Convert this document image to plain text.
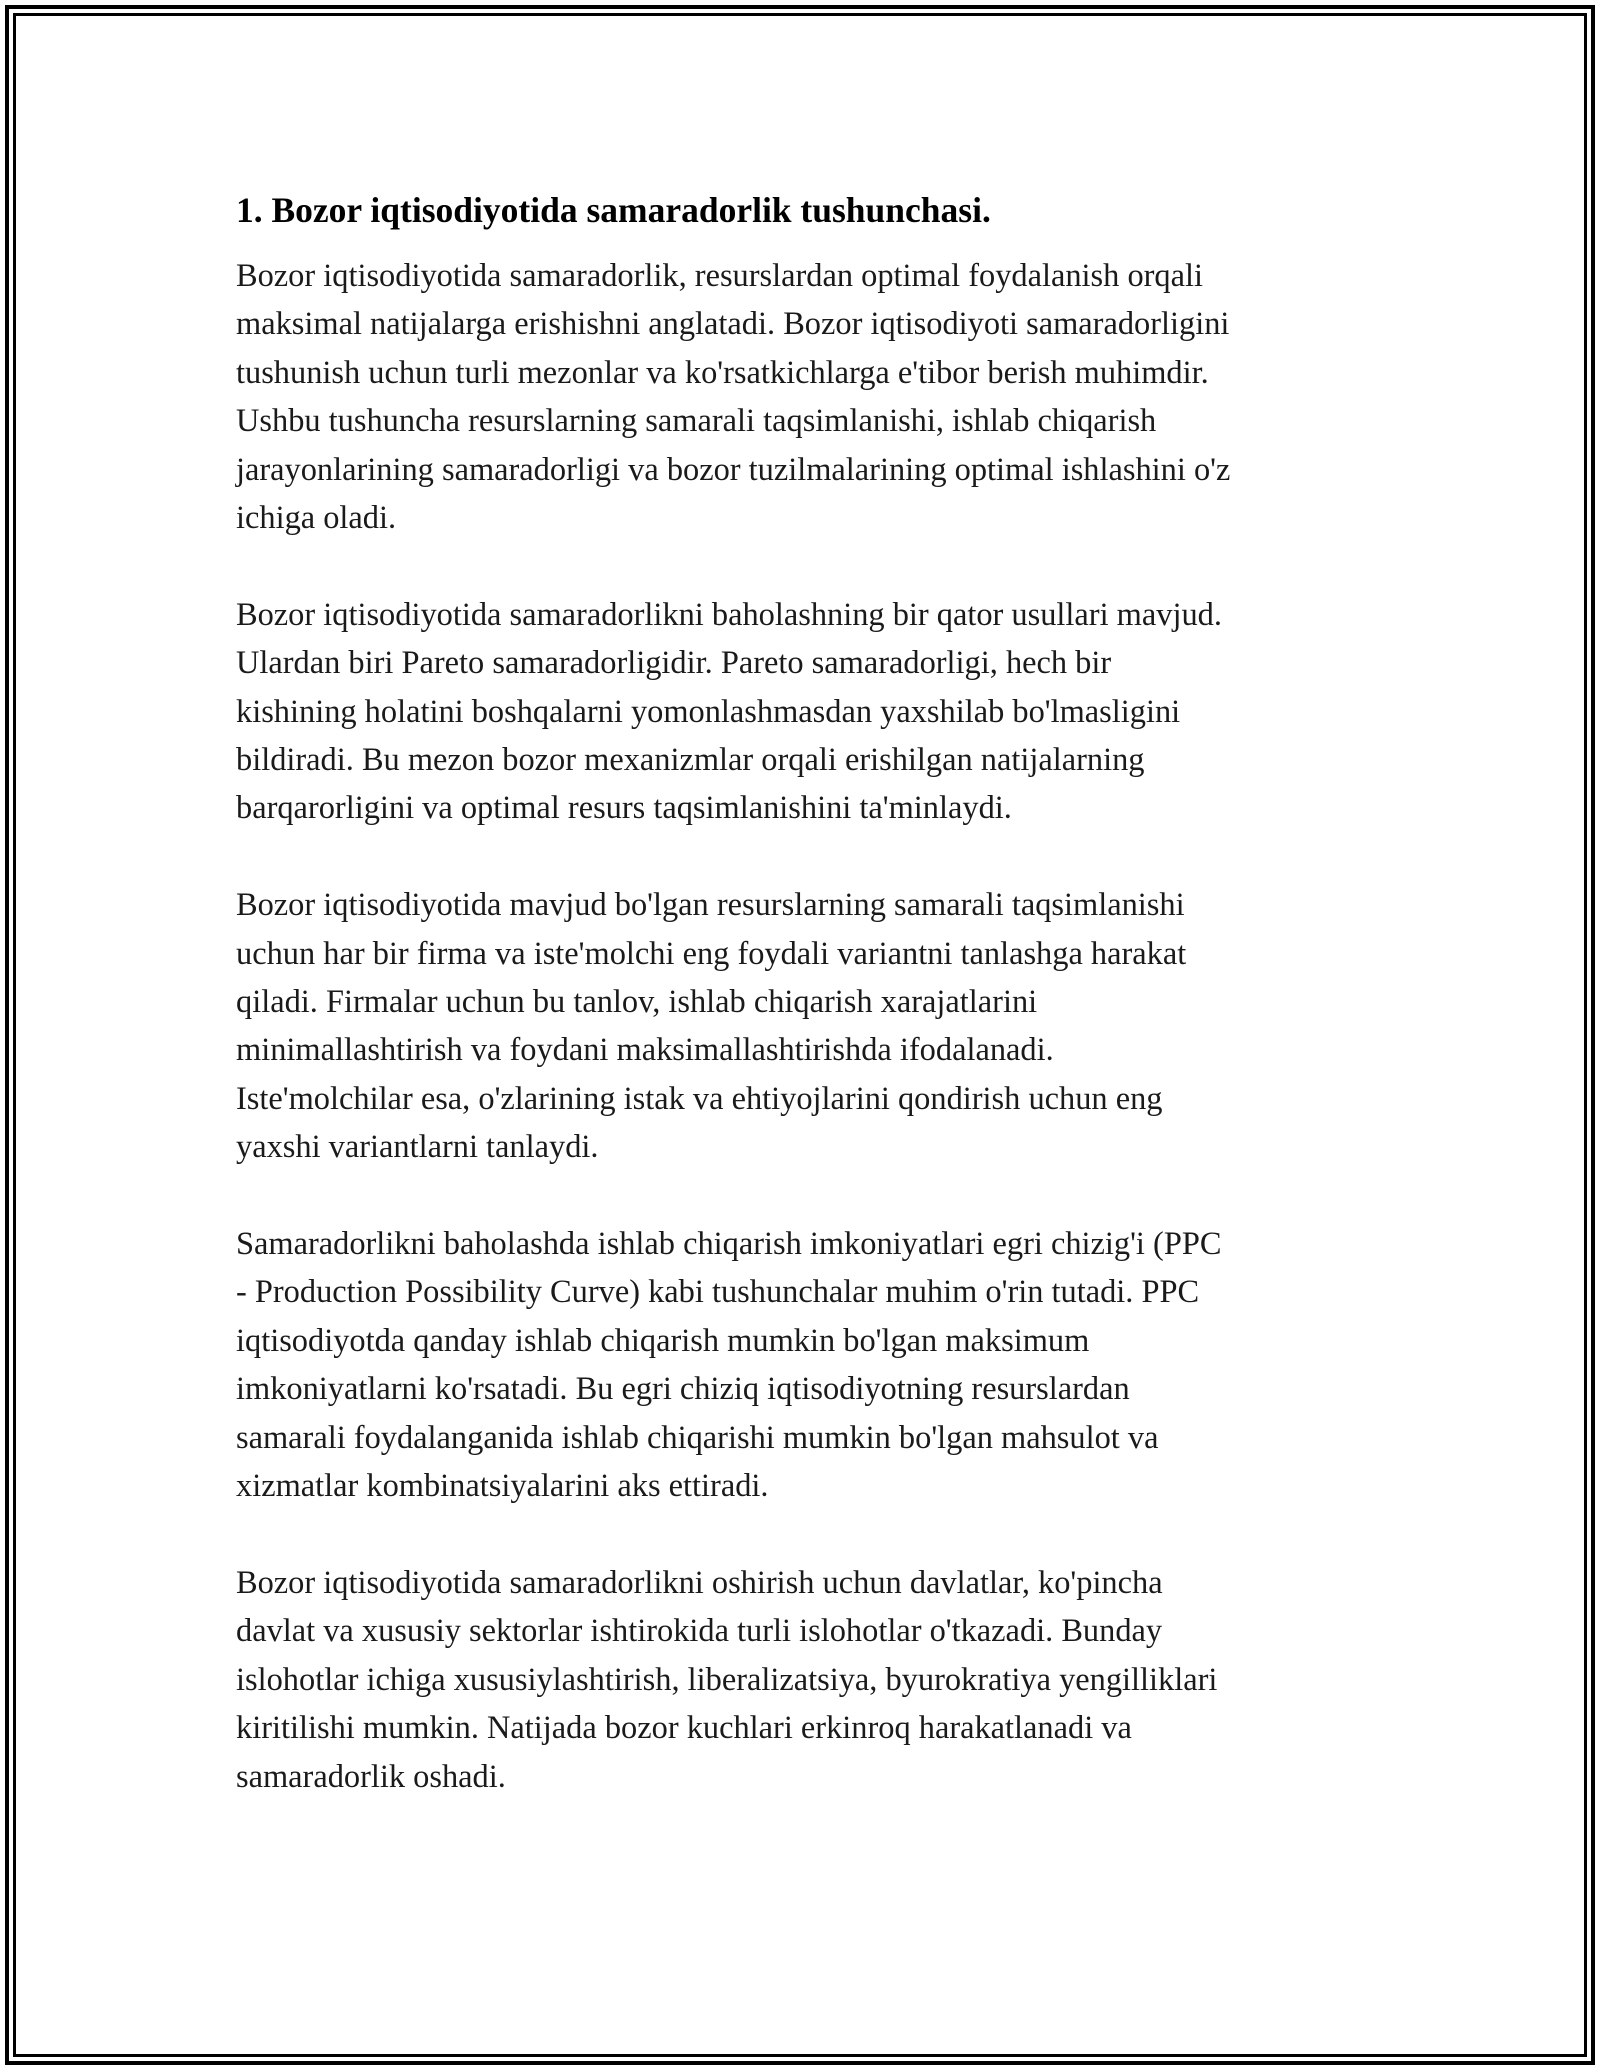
1. Bozor iqtisodiyotida samaradorlik tushunchasi.
Bozor iqtisodiyotida samaradorlik, resurslardan optimal foydalanish orqali
maksimal natijalarga erishishni anglatadi. Bozor iqtisodiyoti samaradorligini
tushunish uchun turli mezonlar va ko'rsatkichlarga e'tibor berish muhimdir.
Ushbu tushuncha resurslarning samarali taqsimlanishi, ishlab chiqarish
jarayonlarining samaradorligi va bozor tuzilmalarining optimal ishlashini o'z
ichiga oladi.
Bozor iqtisodiyotida samaradorlikni baholashning bir qator usullari mavjud.
Ulardan biri Pareto samaradorligidir. Pareto samaradorligi, hech bir
kishining holatini boshqalarni yomonlashmasdan yaxshilab bo'lmasligini
bildiradi. Bu mezon bozor mexanizmlar orqali erishilgan natijalarning
barqarorligini va optimal resurs taqsimlanishini ta'minlaydi.
Bozor iqtisodiyotida mavjud bo'lgan resurslarning samarali taqsimlanishi
uchun har bir firma va iste'molchi eng foydali variantni tanlashga harakat
qiladi. Firmalar uchun bu tanlov, ishlab chiqarish xarajatlarini
minimallashtirish va foydani maksimallashtirishda ifodalanadi.
Iste'molchilar esa, o'zlarining istak va ehtiyojlarini qondirish uchun eng
yaxshi variantlarni tanlaydi.
Samaradorlikni baholashda ishlab chiqarish imkoniyatlari egri chizig'i (PPC
- Production Possibility Curve) kabi tushunchalar muhim o'rin tutadi. PPC
iqtisodiyotda qanday ishlab chiqarish mumkin bo'lgan maksimum
imkoniyatlarni ko'rsatadi. Bu egri chiziq iqtisodiyotning resurslardan
samarali foydalanganida ishlab chiqarishi mumkin bo'lgan mahsulot va
xizmatlar kombinatsiyalarini aks ettiradi.
Bozor iqtisodiyotida samaradorlikni oshirish uchun davlatlar, ko'pincha
davlat va xususiy sektorlar ishtirokida turli islohotlar o'tkazadi. Bunday
islohotlar ichiga xususiylashtirish, liberalizatsiya, byurokratiya yengilliklari
kiritilishi mumkin. Natijada bozor kuchlari erkinroq harakatlanadi va
samaradorlik oshadi.
